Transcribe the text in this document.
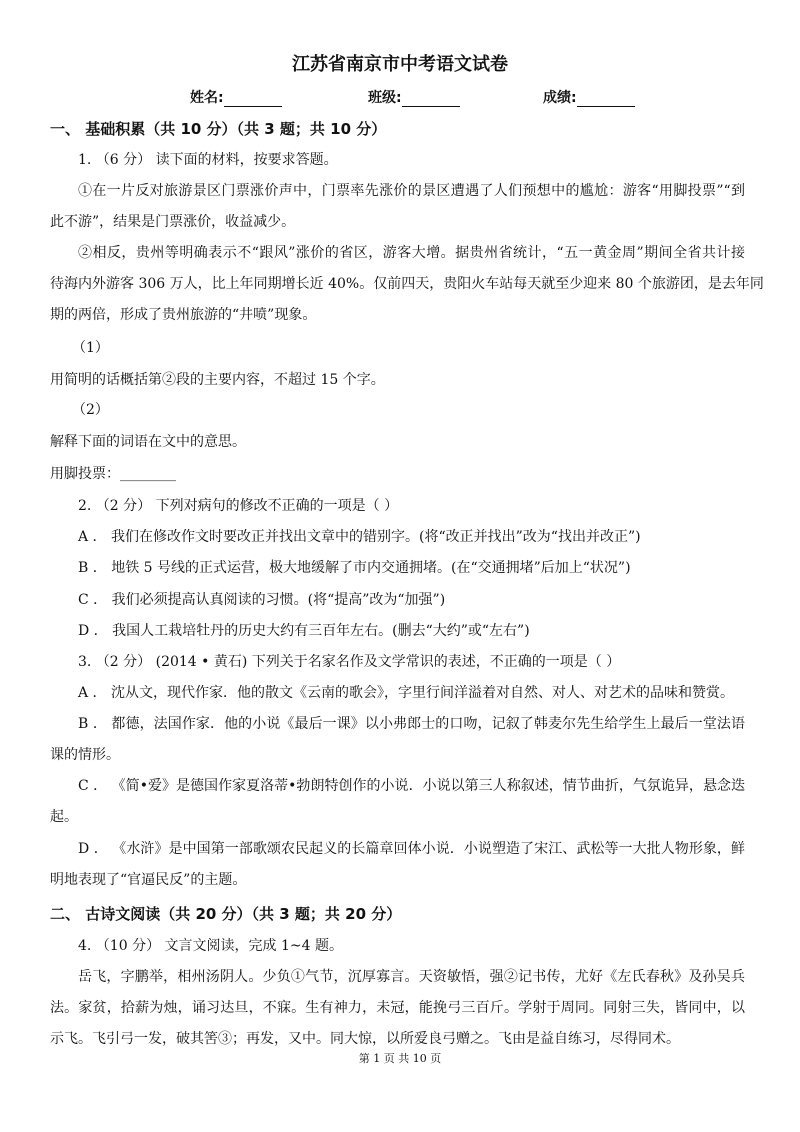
江苏省南京市中考语文试卷
姓名:	班级:	成绩:
一、 基础积累（共 10 分）（共 3 题；共 10 分）
1. （6 分） 读下面的材料，按要求答题。
①在一片反对旅游景区门票涨价声中，门票率先涨价的景区遭遇了人们预想中的尴尬：游客“用脚投票”“到
此不游”，结果是门票涨价，收益减少。
②相反，贵州等明确表示不“跟风”涨价的省区，游客大增。据贵州省统计，“五一黄金周”期间全省共计接
待海内外游客 306 万人，比上年同期增长近 40%。仅前四天，贵阳火车站每天就至少迎来 80 个旅游团，是去年同
期的两倍，形成了贵州旅游的“井喷”现象。
（1）
用简明的话概括第②段的主要内容，不超过 15 个字。
（2）
解释下面的词语在文中的意思。
用脚投票：________
2. （2 分） 下列对病句的修改不正确的一项是（ ）
A ． 我们在修改作文时要改正并找出文章中的错别字。(将“改正并找出”改为“找出并改正”)
B ． 地铁 5 号线的正式运营，极大地缓解了市内交通拥堵。(在“交通拥堵”后加上“状况”)
C ． 我们必须提高认真阅读的习惯。(将“提高”改为“加强”)
D ． 我国人工栽培牡丹的历史大约有三百年左右。(删去“大约”或“左右”)
3. （2 分） (2014 • 黄石) 下列关于名家名作及文学常识的表述，不正确的一项是（ ）
A ． 沈从文，现代作家．他的散文《云南的歌会》，字里行间洋溢着对自然、对人、对艺术的品味和赞赏。
B ． 都德，法国作家．他的小说《最后一课》以小弗郎士的口吻，记叙了韩麦尔先生给学生上最后一堂法语
课的情形。
C ． 《简•爱》是德国作家夏洛蒂•勃朗特创作的小说．小说以第三人称叙述，情节曲折，气氛诡异，悬念迭
起。
D ． 《水浒》是中国第一部歌颂农民起义的长篇章回体小说．小说塑造了宋江、武松等一大批人物形象，鲜
明地表现了“官逼民反”的主题。
二、 古诗文阅读（共 20 分）（共 3 题；共 20 分）
4. （10 分） 文言文阅读，完成 1~4 题。
岳飞，字鹏举，相州汤阴人。少负①气节，沉厚寡言。天资敏悟，强②记书传，尤好《左氏春秋》及孙吴兵
法。家贫，拾薪为烛，诵习达旦，不寐。生有神力，未冠，能挽弓三百斤。学射于周同。同射三失，皆同中，以
示飞。飞引弓一发，破其筈③；再发，又中。同大惊，以所爱良弓赠之。飞由是益自练习，尽得同术。
第 1 页 共 10 页
